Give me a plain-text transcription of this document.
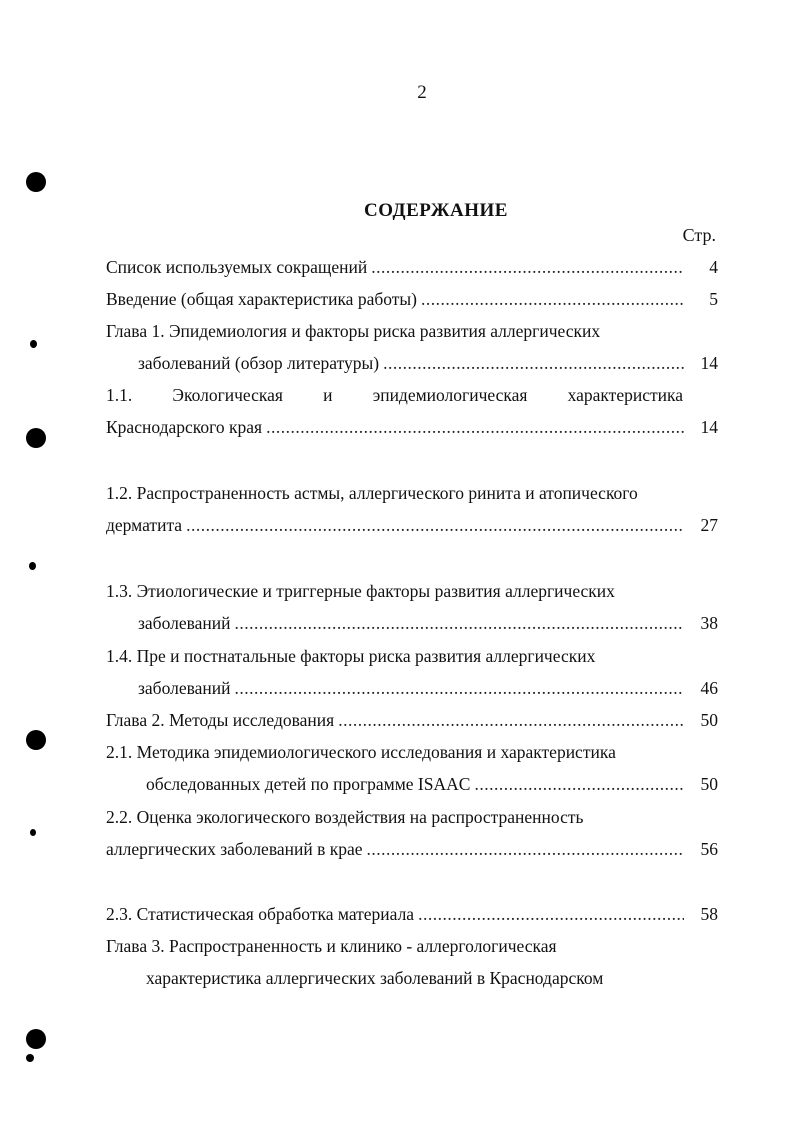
2
СОДЕРЖАНИЕ
Стр.
Список используемых сокращений .....	4
Введение (общая характеристика работы) .....	5
Глава 1. Эпидемиология и факторы риска развития аллергических
заболеваний (обзор литературы) .....	14
1.1. Экологическая и эпидемиологическая характеристика
Краснодарского края .....	14
1.2. Распространенность астмы, аллергического ринита и атопического
дерматита .....	27
1.3. Этиологические и триггерные факторы развития аллергических
заболеваний .....	38
1.4. Пре и постнатальные факторы риска развития аллергических
заболеваний .....	46
Глава 2. Методы исследования .....	50
2.1. Методика эпидемиологического исследования и характеристика
обследованных детей по программе ISAAC .....	50
2.2. Оценка экологического воздействия на распространенность
аллергических заболеваний в крае .....	56
2.3. Статистическая обработка материала .....	58
Глава 3. Распространенность и клинико - аллергологическая
характеристика аллергических заболеваний в Краснодарском
